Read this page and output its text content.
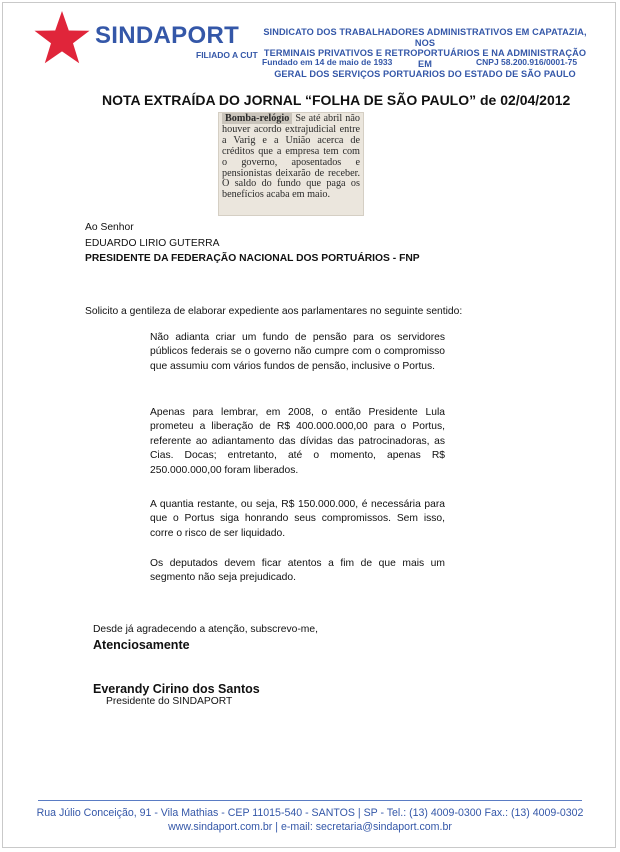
SINDAPORT
FILIADO A CUT
SINDICATO DOS TRABALHADORES ADMINISTRATIVOS EM CAPATAZIA, NOS
TERMINAIS PRIVATIVOS E RETROPORTUÁRIOS E NA ADMINISTRAÇÃO EM
GERAL DOS SERVIÇOS PORTUARIOS DO ESTADO DE SÃO PAULO
Fundado em 14 de maio de 1933	CNPJ 58.200.916/0001-75
NOTA EXTRAÍDA DO JORNAL “FOLHA DE SÃO PAULO” de 02/04/2012
Bomba-relógio Se até abril não houver acordo extrajudicial entre a Varig e a União acerca de créditos que a empresa tem com o governo, aposentados e pensionistas deixarão de receber. O saldo do fundo que paga os benefícios acaba em maio.
Ao Senhor
EDUARDO LIRIO GUTERRA
PRESIDENTE DA FEDERAÇÃO NACIONAL DOS PORTUÁRIOS - FNP
Solicito a gentileza de elaborar expediente aos parlamentares no seguinte sentido:
Não adianta criar um fundo de pensão para os servidores públicos federais se o governo não cumpre com o compromisso que assumiu com vários fundos de pensão, inclusive o Portus.
Apenas para lembrar, em 2008, o então Presidente Lula prometeu a liberação de R$ 400.000.000,00 para o Portus, referente ao adiantamento das dívidas das patrocinadoras, as Cias. Docas; entretanto, até o momento, apenas R$ 250.000.000,00 foram liberados.
A quantia restante, ou seja, R$ 150.000.000, é necessária para que o Portus siga honrando seus compromissos. Sem isso, corre o risco de ser liquidado.
Os deputados devem ficar atentos a fim de que mais um segmento não seja prejudicado.
Desde já agradecendo a atenção, subscrevo-me,
Atenciosamente
Everandy Cirino dos Santos
Presidente do SINDAPORT
Rua Júlio Conceição, 91 - Vila Mathias - CEP 11015-540 - SANTOS | SP - Tel.: (13) 4009-0300 Fax.: (13) 4009-0302
www.sindaport.com.br | e-mail: secretaria@sindaport.com.br
